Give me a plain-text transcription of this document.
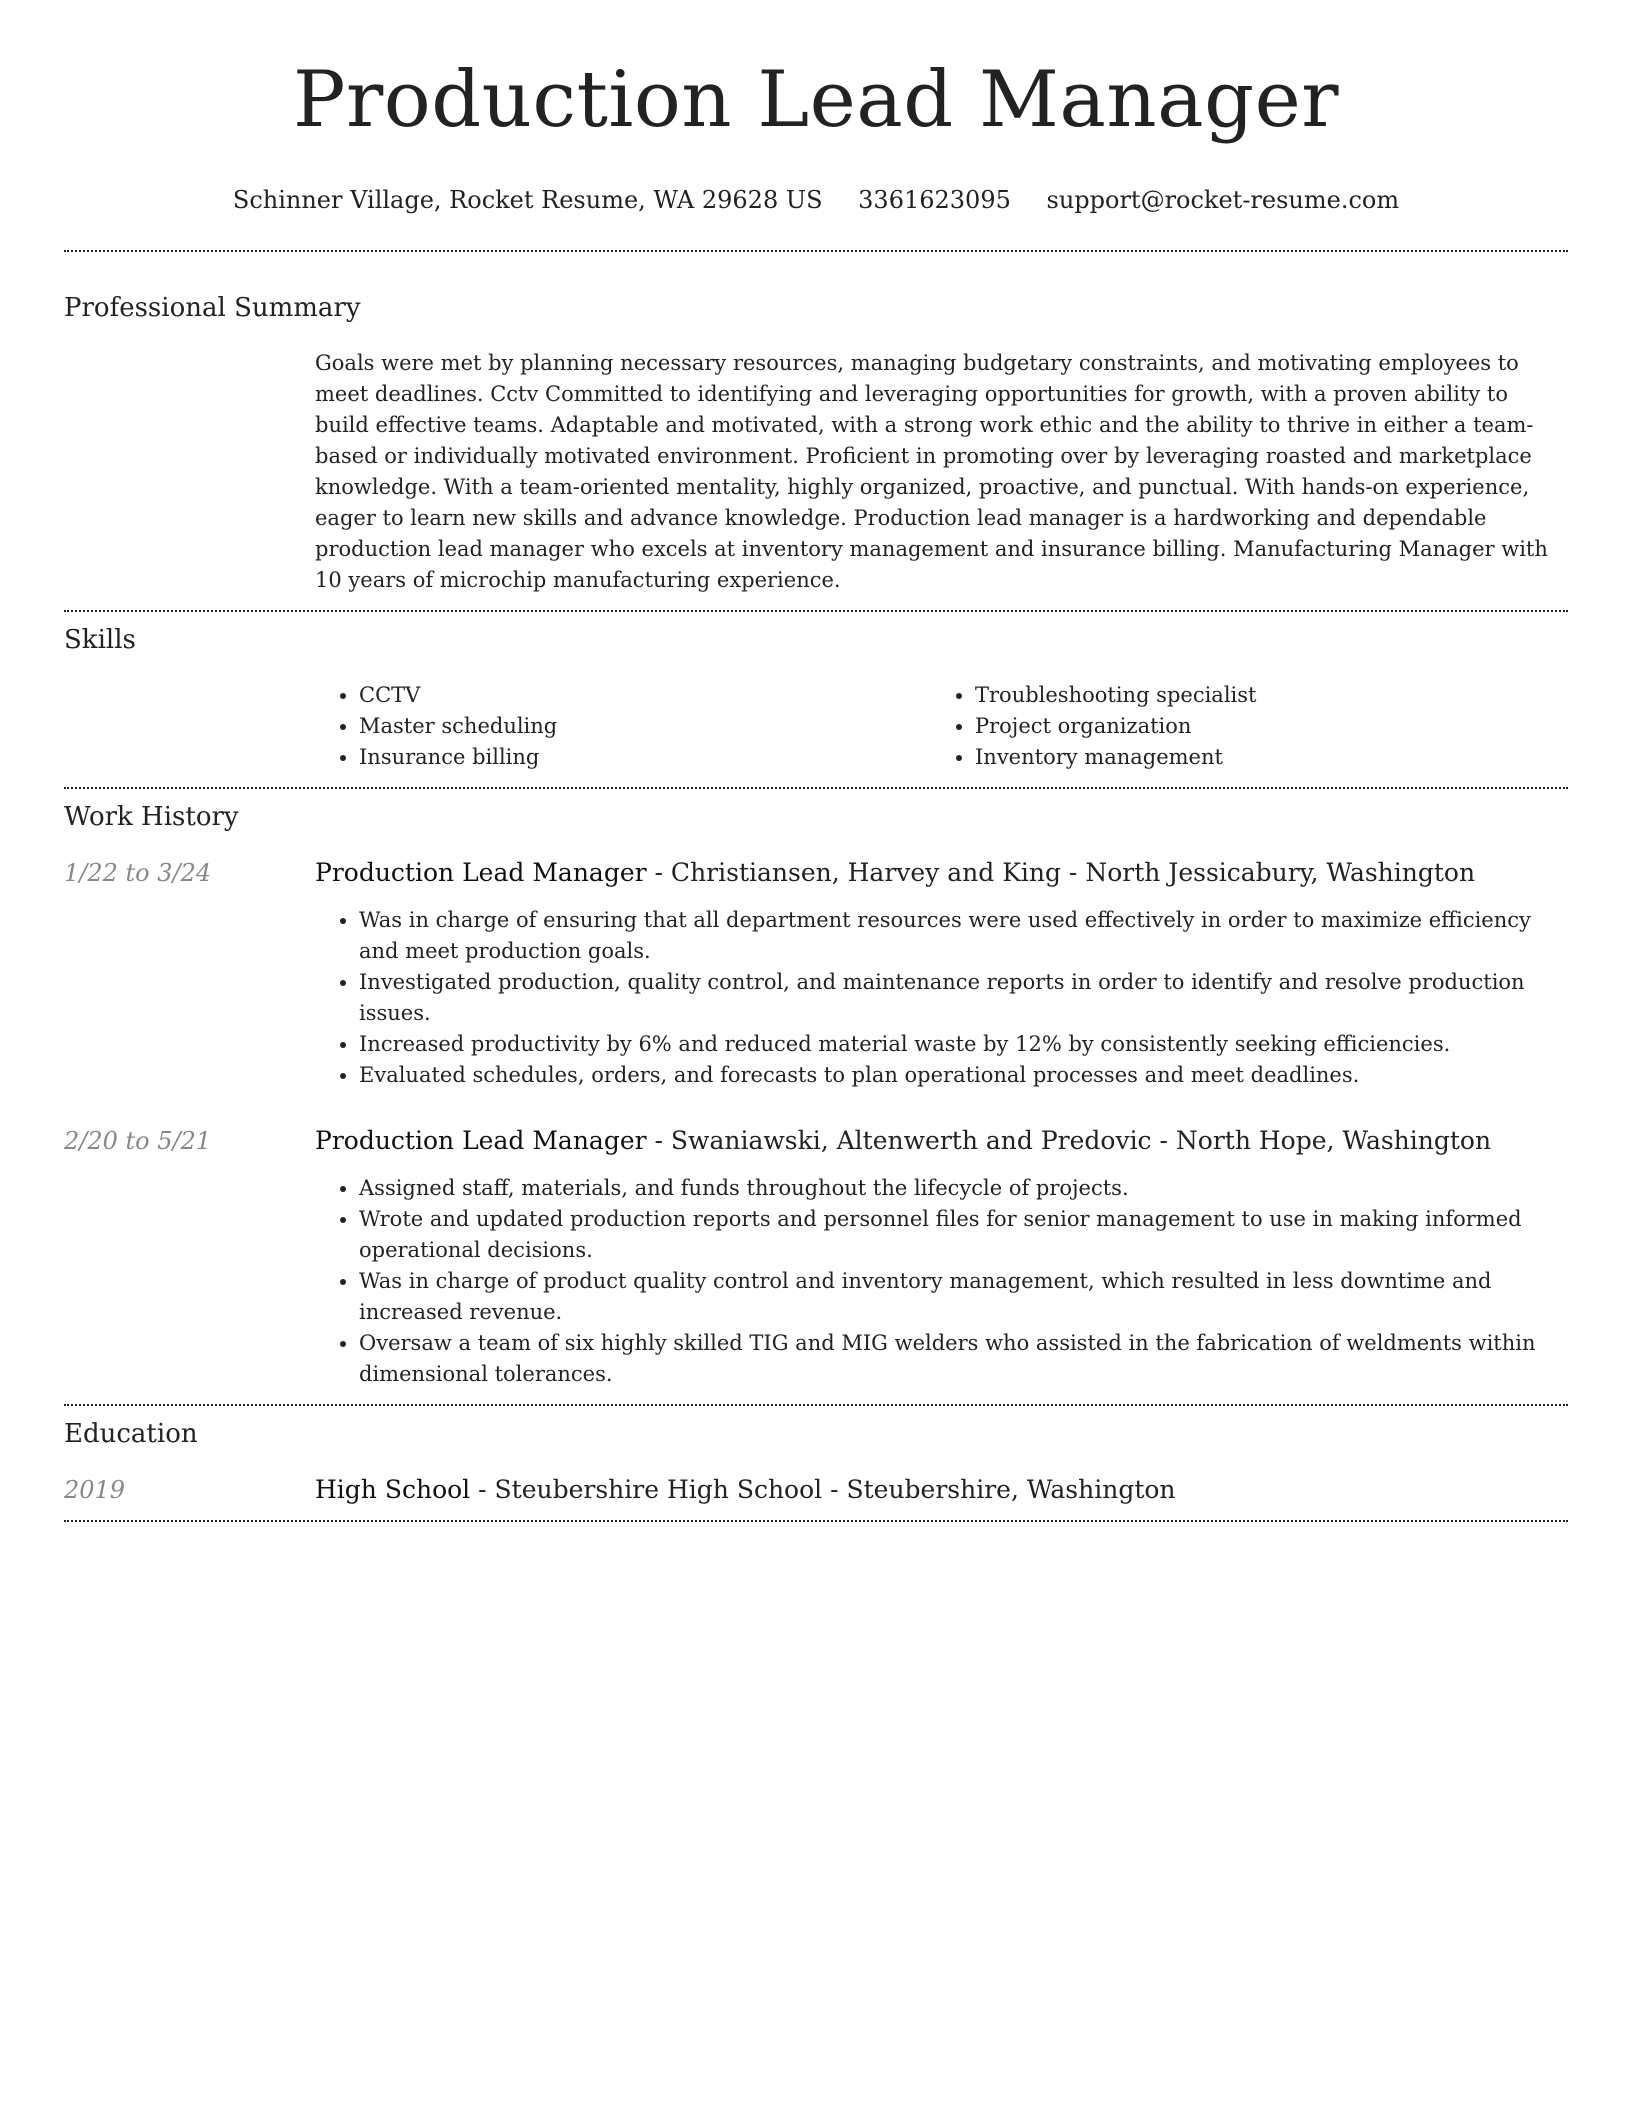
Production Lead Manager
Schinner Village, Rocket Resume, WA 29628 US 3361623095 support@rocket-resume.com
Professional Summary

Goals were met by planning necessary resources, managing budgetary constraints, and motivating employees to meet deadlines. Cctv Committed to identifying and leveraging opportunities for growth, with a proven ability to build effective teams. Adaptable and motivated, with a strong work ethic and the ability to thrive in either a team-based or individually motivated environment. Proficient in promoting over by leveraging roasted and marketplace knowledge. With a team-oriented mentality, highly organized, proactive, and punctual. With hands-on experience, eager to learn new skills and advance knowledge. Production lead manager is a hardworking and dependable production lead manager who excels at inventory management and insurance billing. Manufacturing Manager with 10 years of microchip manufacturing experience.

Skills
• CCTV
• Master scheduling
• Insurance billing
• Troubleshooting specialist
• Project organization
• Inventory management
Work History
1/22 to 3/24	Production Lead Manager - Christiansen, Harvey and King - North Jessicabury, Washington
• Was in charge of ensuring that all department resources were used effectively in order to maximize efficiency and meet production goals.
• Investigated production, quality control, and maintenance reports in order to identify and resolve production issues.
• Increased productivity by 6% and reduced material waste by 12% by consistently seeking efficiencies.
• Evaluated schedules, orders, and forecasts to plan operational processes and meet deadlines.
2/20 to 5/21	Production Lead Manager - Swaniawski, Altenwerth and Predovic - North Hope, Washington
• Assigned staff, materials, and funds throughout the lifecycle of projects.
• Wrote and updated production reports and personnel files for senior management to use in making informed operational decisions.
• Was in charge of product quality control and inventory management, which resulted in less downtime and increased revenue.
• Oversaw a team of six highly skilled TIG and MIG welders who assisted in the fabrication of weldments within dimensional tolerances.
Education
2019	High School - Steubershire High School - Steubershire, Washington
